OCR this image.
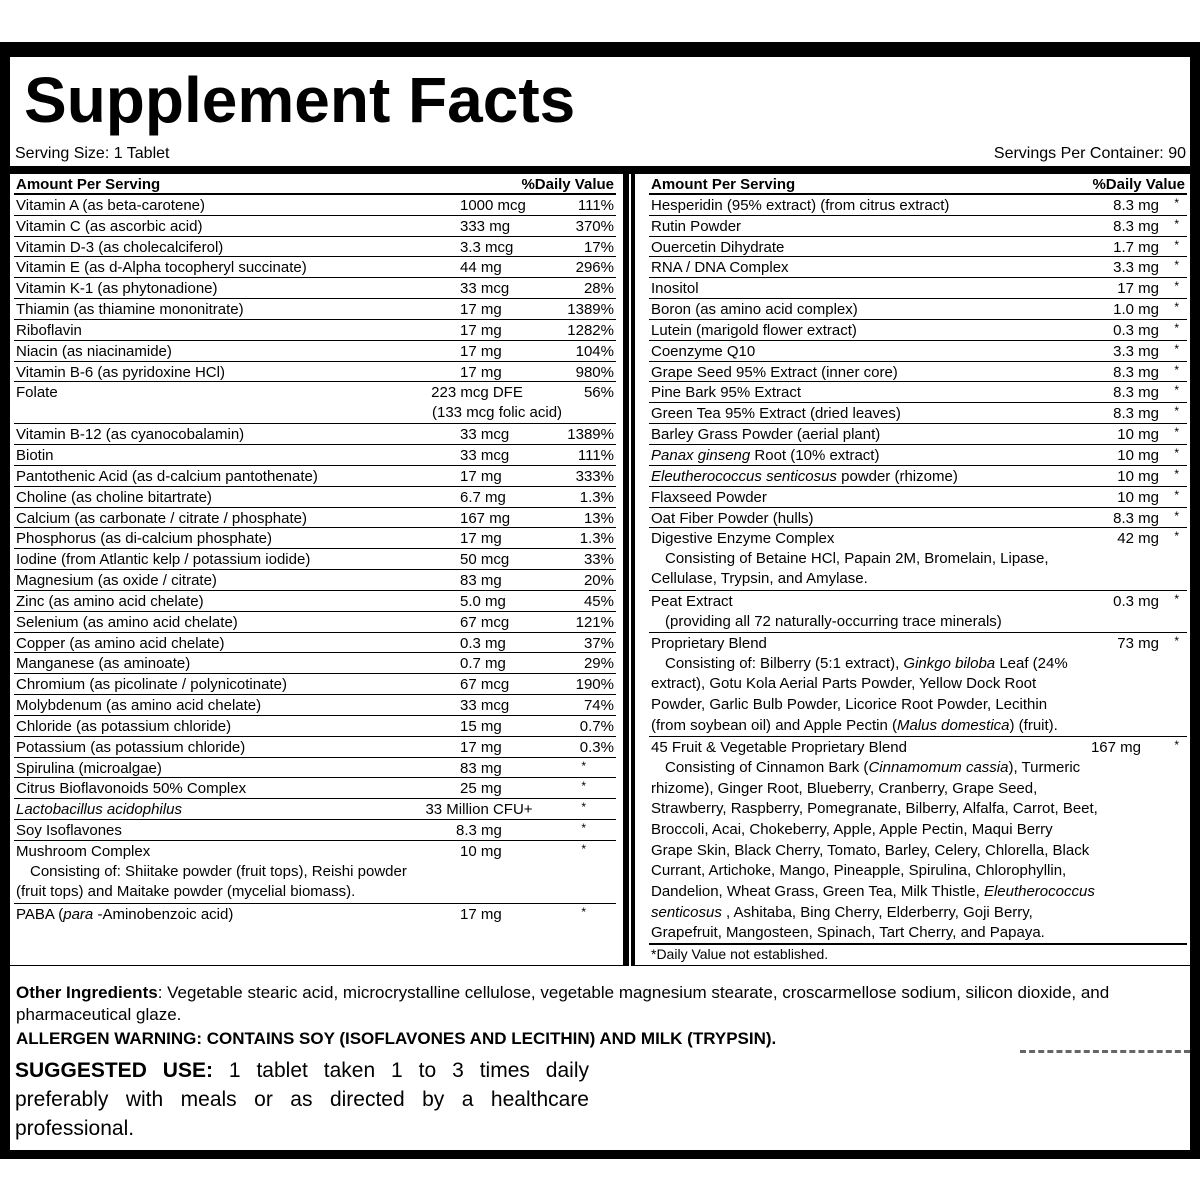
Supplement Facts
Serving Size: 1 Tablet	Servings Per Container: 90
Amount Per Serving	%Daily Value
Vitamin A (as beta-carotene)	1000 mcg	111%
Vitamin C (as ascorbic acid)	333 mg	370%
Vitamin D-3 (as cholecalciferol)	3.3 mcg	17%
Vitamin E (as d-Alpha tocopheryl succinate)	44 mg	296%
Vitamin K-1 (as phytonadione)	33 mcg	28%
Thiamin (as thiamine mononitrate)	17 mg	1389%
Riboflavin	17 mg	1282%
Niacin (as niacinamide)	17 mg	104%
Vitamin B-6 (as pyridoxine HCl)	17 mg	980%
Folate	223 mcg DFE	56%
(133 mcg folic acid)
Vitamin B-12 (as cyanocobalamin)	33 mcg	1389%
Biotin	33 mcg	111%
Pantothenic Acid (as d-calcium pantothenate)	17 mg	333%
Choline (as choline bitartrate)	6.7 mg	1.3%
Calcium (as carbonate / citrate / phosphate)	167 mg	13%
Phosphorus (as di-calcium phosphate)	17 mg	1.3%
Iodine (from Atlantic kelp / potassium iodide)	50 mcg	33%
Magnesium (as oxide / citrate)	83 mg	20%
Zinc (as amino acid chelate)	5.0 mg	45%
Selenium (as amino acid chelate)	67 mcg	121%
Copper (as amino acid chelate)	0.3 mg	37%
Manganese (as aminoate)	0.7 mg	29%
Chromium (as picolinate / polynicotinate)	67 mcg	190%
Molybdenum (as amino acid chelate)	33 mcg	74%
Chloride (as potassium chloride)	15 mg	0.7%
Potassium (as potassium chloride)	17 mg	0.3%
Spirulina (microalgae)	83 mg	*
Citrus Bioflavonoids 50% Complex	25 mg	*
Lactobacillus acidophilus	33 Million CFU+	*
Soy Isoflavones	8.3 mg	*
Mushroom Complex	10 mg	*
Consisting of: Shiitake powder (fruit tops), Reishi powder
(fruit tops) and Maitake powder (mycelial biomass).
PABA (para -Aminobenzoic acid)	17 mg	*
Amount Per Serving	%Daily Value
Hesperidin (95% extract) (from citrus extract)	8.3 mg *
Rutin Powder	8.3 mg *
Ouercetin Dihydrate	1.7 mg *
RNA / DNA Complex	3.3 mg *
Inositol	17 mg *
Boron (as amino acid complex)	1.0 mg *
Lutein (marigold flower extract)	0.3 mg *
Coenzyme Q10	3.3 mg *
Grape Seed 95% Extract (inner core)	8.3 mg *
Pine Bark 95% Extract	8.3 mg *
Green Tea 95% Extract (dried leaves)	8.3 mg *
Barley Grass Powder (aerial plant)	10 mg *
Panax ginseng Root (10% extract)	10 mg *
Eleutherococcus senticosus powder (rhizome)	10 mg *
Flaxseed Powder	10 mg *
Oat Fiber Powder (hulls)	8.3 mg *
Digestive Enzyme Complex	42 mg *
Consisting of Betaine HCl, Papain 2M, Bromelain, Lipase,
Cellulase, Trypsin, and Amylase.
Peat Extract	0.3 mg *
(providing all 72 naturally-occurring trace minerals)
Proprietary Blend	73 mg *
Consisting of: Bilberry (5:1 extract), Ginkgo biloba Leaf (24%
extract), Gotu Kola Aerial Parts Powder, Yellow Dock Root
Powder, Garlic Bulb Powder, Licorice Root Powder, Lecithin
(from soybean oil) and Apple Pectin (Malus domestica) (fruit).
45 Fruit & Vegetable Proprietary Blend	167 mg	*
Consisting of Cinnamon Bark (Cinnamomum cassia), Turmeric
rhizome), Ginger Root, Blueberry, Cranberry, Grape Seed,
Strawberry, Raspberry, Pomegranate, Bilberry, Alfalfa, Carrot, Beet,
Broccoli, Acai, Chokeberry, Apple, Apple Pectin, Maqui Berry
Grape Skin, Black Cherry, Tomato, Barley, Celery, Chlorella, Black
Currant, Artichoke, Mango, Pineapple, Spirulina, Chlorophyllin,
Dandelion, Wheat Grass, Green Tea, Milk Thistle, Eleutherococcus
senticosus , Ashitaba, Bing Cherry, Elderberry, Goji Berry,
Grapefruit, Mangosteen, Spinach, Tart Cherry, and Papaya.
*Daily Value not established.
Other Ingredients: Vegetable stearic acid, microcrystalline cellulose, vegetable magnesium stearate, croscarmellose sodium, silicon dioxide, and pharmaceutical glaze.
ALLERGEN WARNING: CONTAINS SOY (ISOFLAVONES AND LECITHIN) AND MILK (TRYPSIN).
SUGGESTED USE: 1 tablet taken 1 to 3 times daily preferably with meals or as directed by a healthcare professional.
